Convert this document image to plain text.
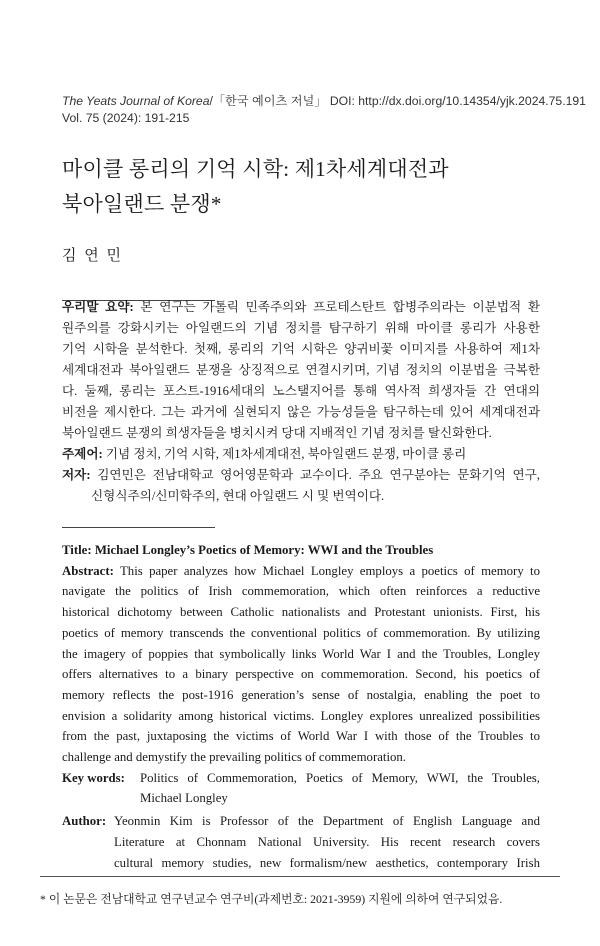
The Yeats Journal of Korea/「한국 예이츠 저널」 DOI: http://dx.doi.org/10.14354/yjk.2024.75.191
Vol. 75 (2024): 191-215
마이클 롱리의 기억 시학: 제1차세계대전과
북아일랜드 분쟁*
김 연 민
우리말 요약: 본 연구는 가톨릭 민족주의와 프로테스탄트 합병주의라는 이분법적 환
원주의를 강화시키는 아일랜드의 기념 정치를 탐구하기 위해 마이클 롱리가 사용한
기억 시학을 분석한다. 첫째, 롱리의 기억 시학은 양귀비꽃 이미지를 사용하여 제1차
세계대전과 북아일랜드 분쟁을 상징적으로 연결시키며, 기념 정치의 이분법을 극복한
다. 둘째, 롱리는 포스트-1916세대의 노스탤지어를 통해 역사적 희생자들 간 연대의
비전을 제시한다. 그는 과거에 실현되지 않은 가능성들을 탐구하는데 있어 세계대전과
북아일랜드 분쟁의 희생자들을 병치시켜 당대 지배적인 기념 정치를 탈신화한다.
주제어: 기념 정치, 기억 시학, 제1차세계대전, 북아일랜드 분쟁, 마이클 롱리
저자: 김연민은 전남대학교 영어영문학과 교수이다. 주요 연구분야는 문화기억 연구,
신형식주의/신미학주의, 현대 아일랜드 시 및 번역이다.
Title: Michael Longley’s Poetics of Memory: WWI and the Troubles
Abstract: This paper analyzes how Michael Longley employs a poetics of memory to
navigate the politics of Irish commemoration, which often reinforces a reductive
historical dichotomy between Catholic nationalists and Protestant unionists. First, his
poetics of memory transcends the conventional politics of commemoration. By utilizing
the imagery of poppies that symbolically links World War I and the Troubles, Longley
offers alternatives to a binary perspective on commemoration. Second, his poetics of
memory reflects the post-1916 generation’s sense of nostalgia, enabling the poet to
envision a solidarity among historical victims. Longley explores unrealized possibilities
from the past, juxtaposing the victims of World War I with those of the Troubles to
challenge and demystify the prevailing politics of commemoration.
Key words: Politics of Commemoration, Poetics of Memory, WWI, the Troubles,
Michael Longley
Author: Yeonmin Kim is Professor of the Department of English Language and
Literature at Chonnam National University. His recent research covers
cultural memory studies, new formalism/new aesthetics, contemporary Irish
* 이 논문은 전남대학교 연구년교수 연구비(과제번호: 2021-3959) 지원에 의하여 연구되었음.
